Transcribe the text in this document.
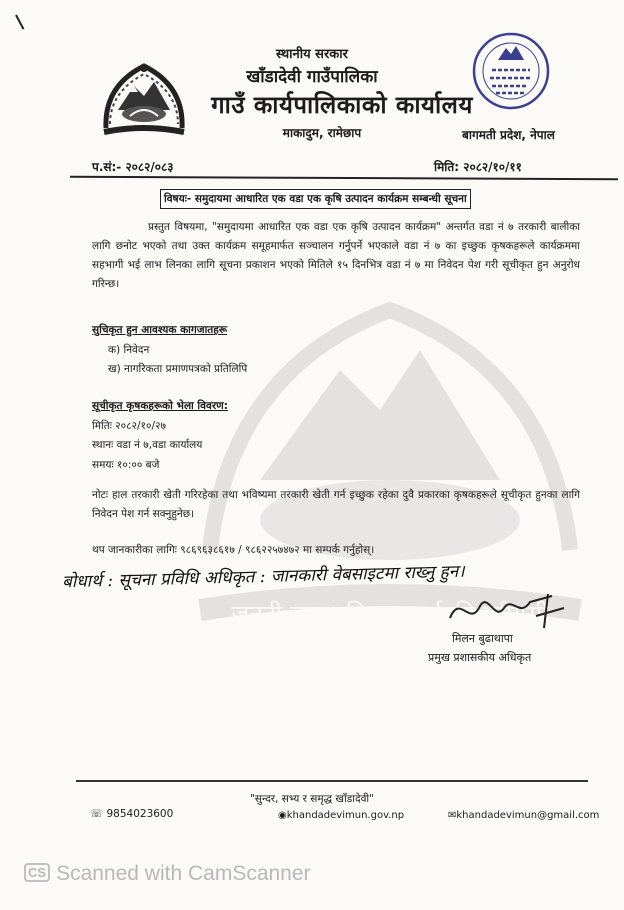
जननी जन्मभूमिश्च स्वर्गादपि गरीयसी
स्थानीय सरकार
खाँडादेवी गाउँपालिका
गाउँ कार्यपालिकाको कार्यालय
माकादुम, रामेछाप	बागमती प्रदेश, नेपाल
प.सं:- २०८२/०८३	मिति: २०८२/१०/११
विषयः- समुदायमा आधारित एक वडा एक कृषि उत्पादन कार्यक्रम सम्बन्धी सूचना
प्रस्तुत विषयमा, "समुदायमा आधारित एक वडा एक कृषि उत्पादन कार्यक्रम" अन्तर्गत वडा नं ७ तरकारी बालीका लागि छनोट भएको तथा उक्त कार्यक्रम समूहमार्फत सञ्चालन गर्नुपर्ने भएकाले वडा नं ७ का इच्छुक कृषकहरूले कार्यक्रममा सहभागी भई लाभ लिनका लागि सूचना प्रकाशन भएको मितिले १५ दिनभित्र वडा नं ७ मा निवेदन पेश गरी सूचीकृत हुन अनुरोध गरिन्छ।
सुचिकृत हुन आवश्यक कागजातहरू
क) निवेदन
ख) नागरिकता प्रमाणपत्रको प्रतिलिपि
सूचीकृत कृषकहरूको भेला विवरण:
मितिः २०८२/१०/२७
स्थानः वडा नं ७,वडा कार्यालय
समयः १०:०० बजे
नोटः हाल तरकारी खेती गरिरहेका तथा भविष्यमा तरकारी खेती गर्न इच्छुक रहेका दुवै प्रकारका कृषकहरूले सूचीकृत हुनका लागि निवेदन पेश गर्न सक्नुहुनेछ।
थप जानकारीका लागिः ९८६९६३८६१७ / ९८६२२५७४७२ मा सम्पर्क गर्नुहोस्।
बोधार्थ : सूचना प्रविधि अधिकृत : जानकारी वेबसाइटमा राख्नु हुन।
मिलन बुढाथापा
प्रमुख प्रशासकीय अधिकृत
"सुन्दर, सभ्य र समृद्ध खाँडादेवी"
☏ 9854023600	◉khandadevimun.gov.np	✉khandadevimun@gmail.com
CS Scanned with CamScanner
